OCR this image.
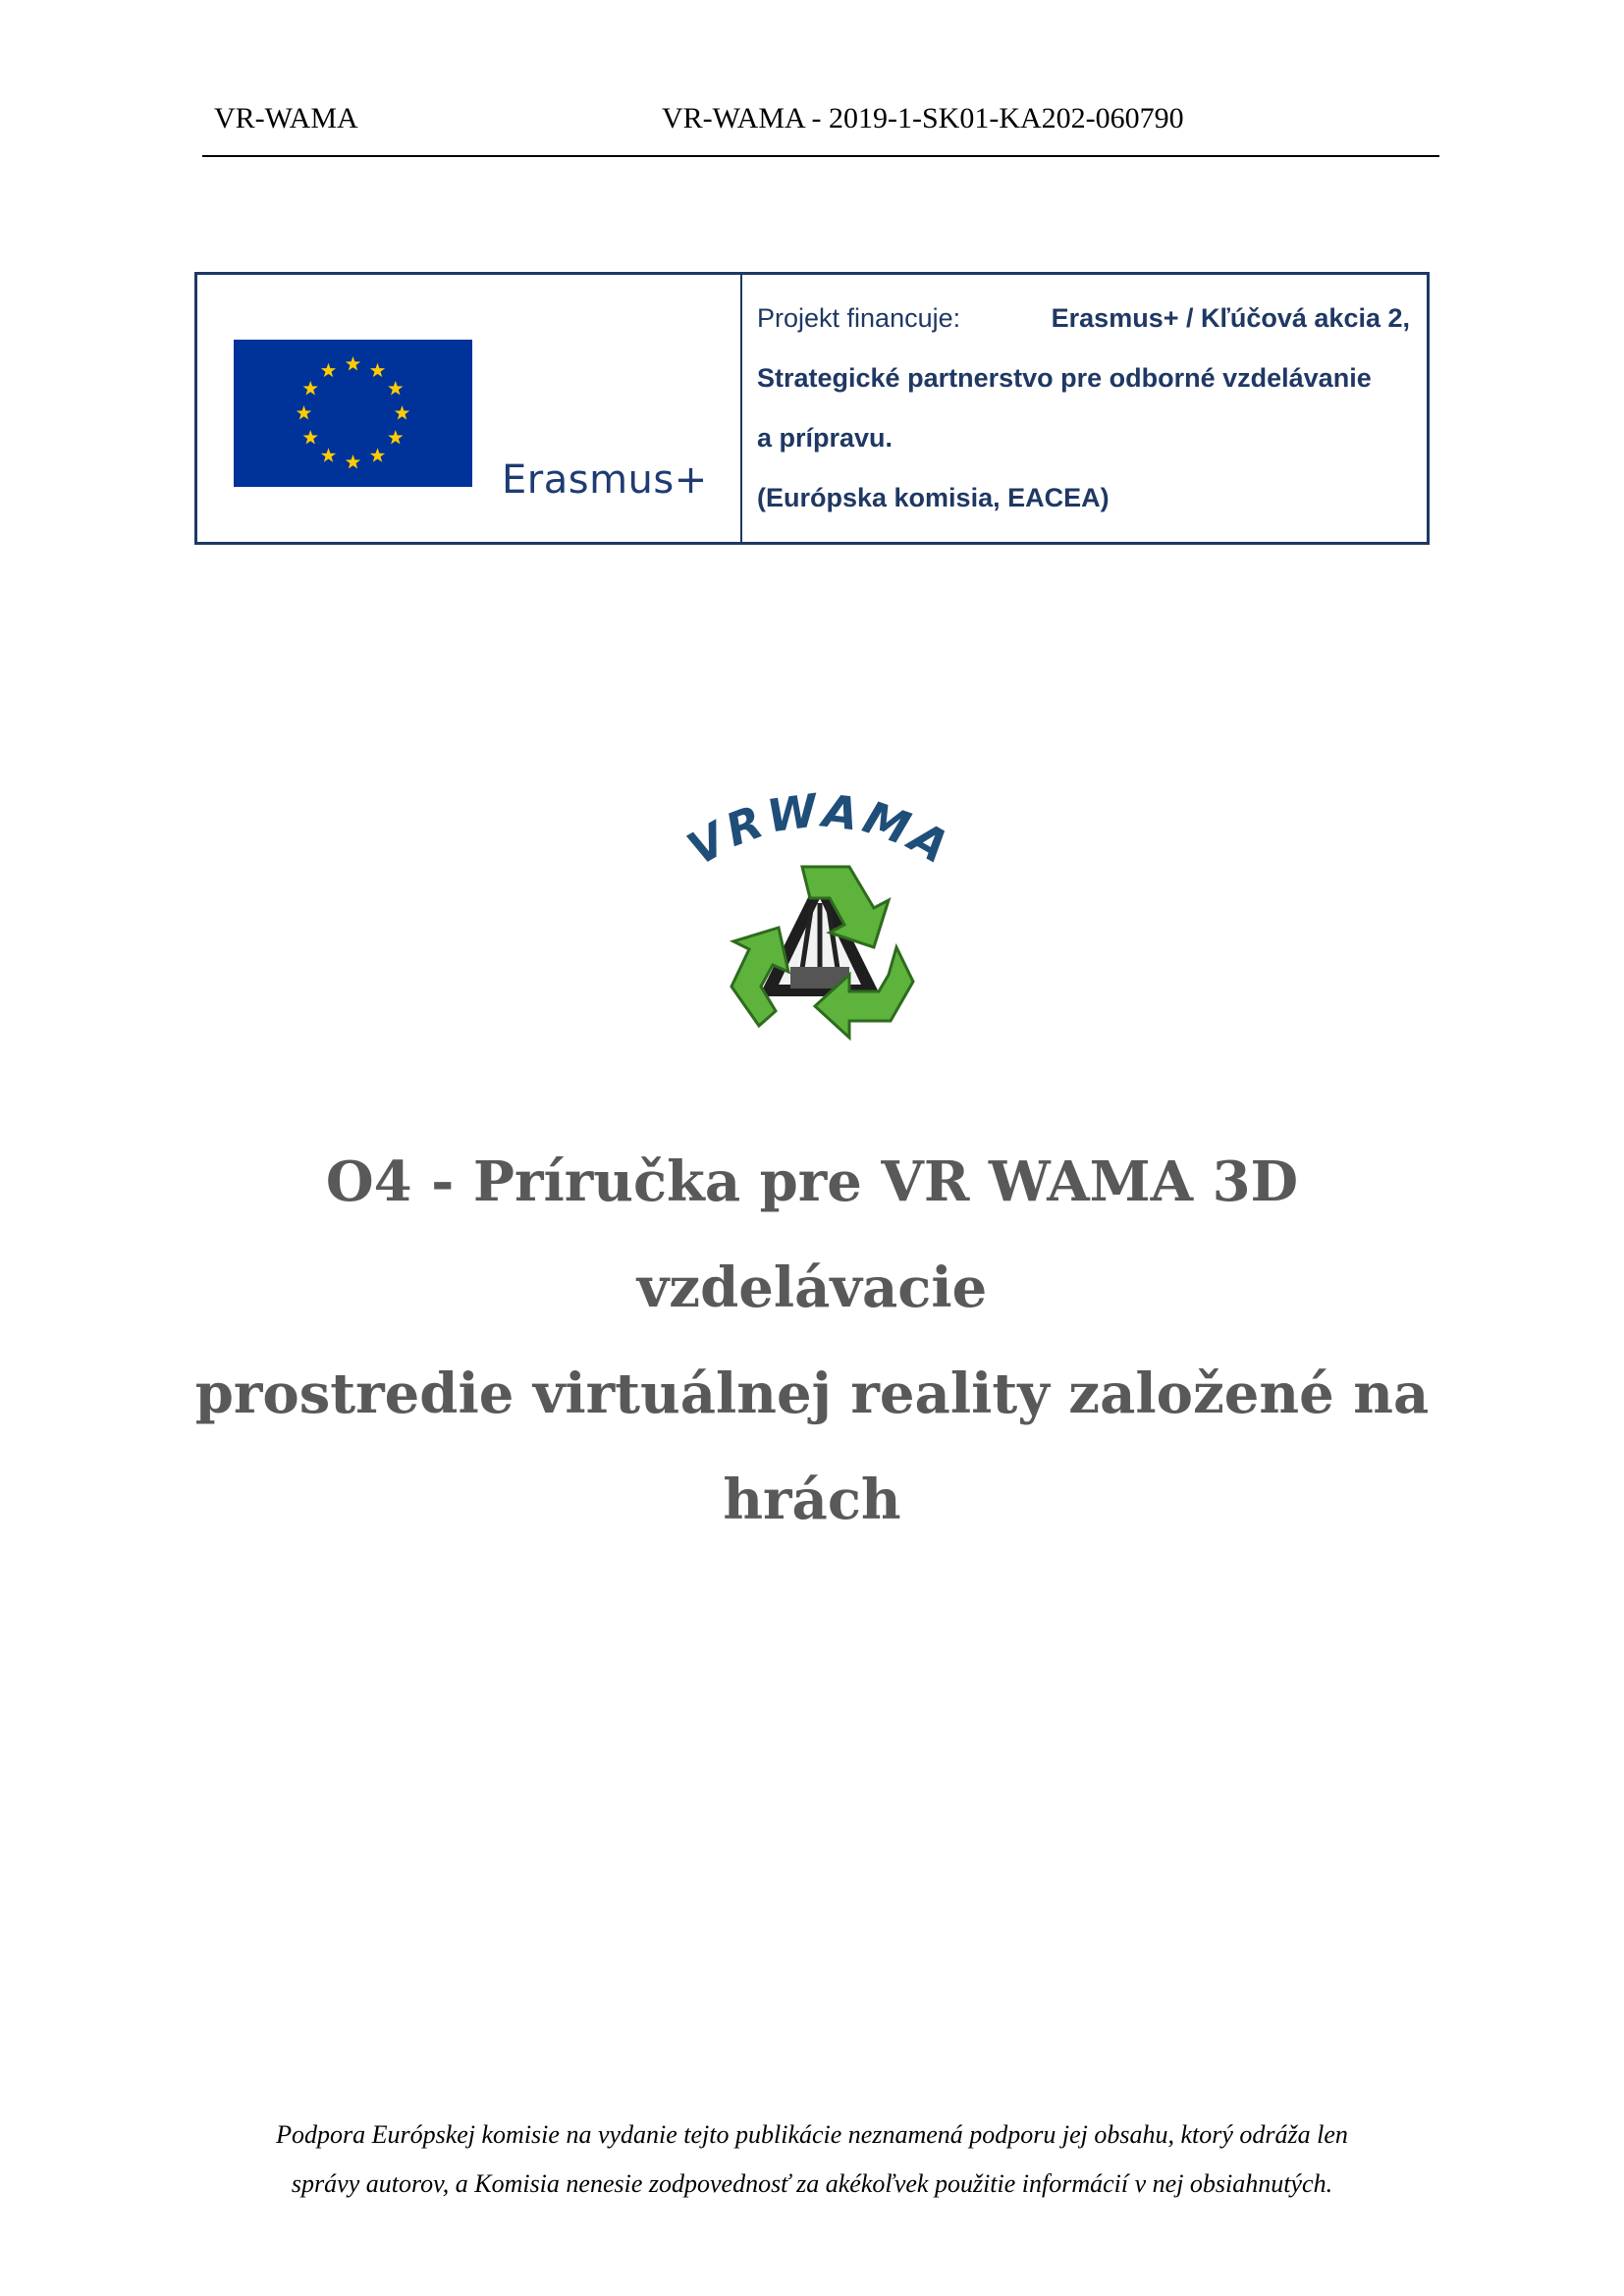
VR-WAMA	VR-WAMA - 2019-1-SK01-KA202-060790
Erasmus+
Projekt financuje:	Erasmus+ / Kľúčová akcia 2,
Strategické partnerstvo pre odborné vzdelávanie
a prípravu.
(Európska komisia, EACEA)
VRWAMA
O4 - Príručka pre VR WAMA 3D vzdelávacie
prostredie virtuálnej reality založené na
hrách
Podpora Európskej komisie na vydanie tejto publikácie neznamená podporu jej obsahu, ktorý odráža len
správy autorov, a Komisia nenesie zodpovednosť za akékoľvek použitie informácií v nej obsiahnutých.
